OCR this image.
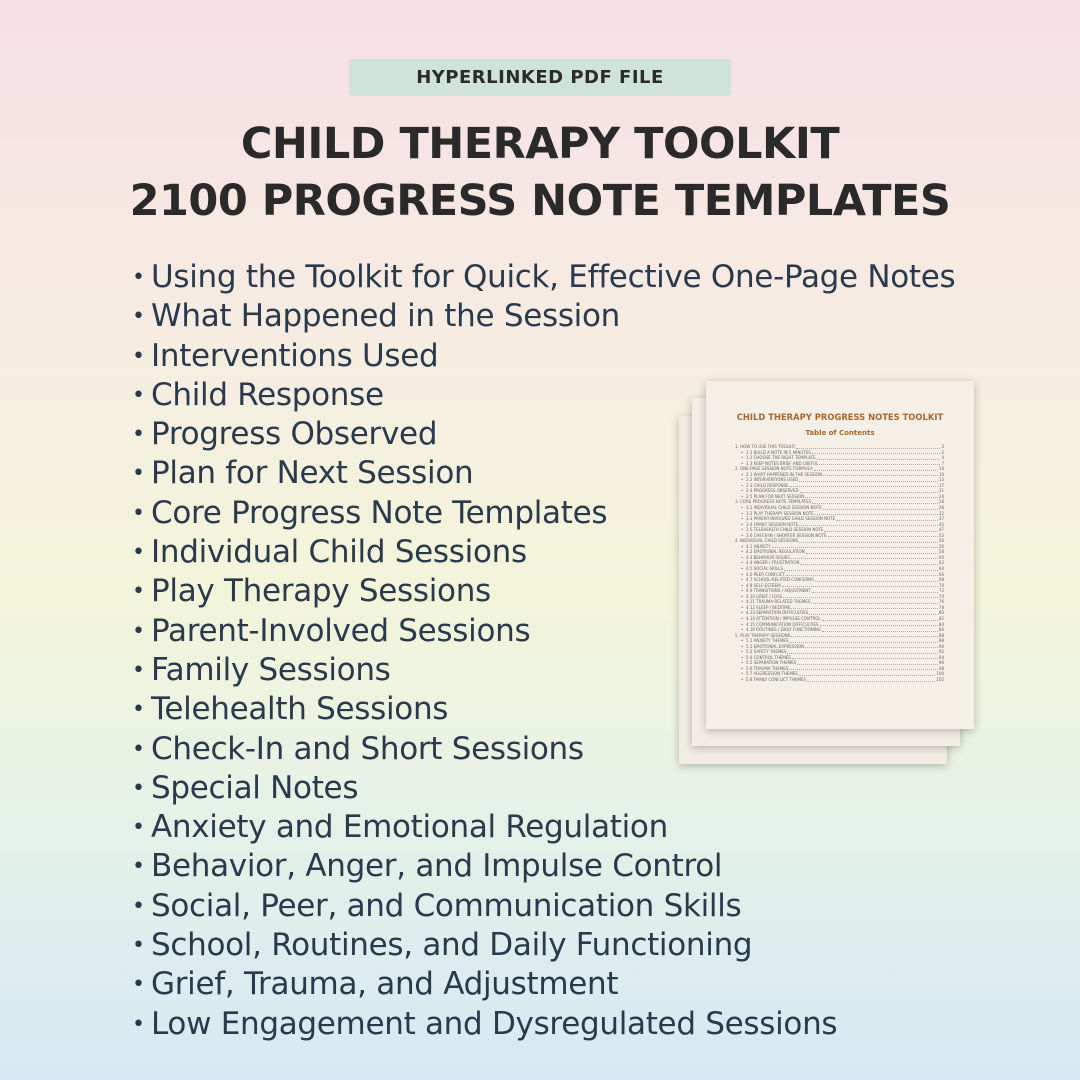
HYPERLINKED PDF FILE
CHILD THERAPY TOOLKIT
2100 PROGRESS NOTE TEMPLATES
• Using the Toolkit for Quick, Effective One-Page Notes
• What Happened in the Session
• Interventions Used
• Child Response
• Progress Observed
• Plan for Next Session
• Core Progress Note Templates
• Individual Child Sessions
• Play Therapy Sessions
• Parent-Involved Sessions
• Family Sessions
• Telehealth Sessions
• Check-In and Short Sessions
• Special Notes
• Anxiety and Emotional Regulation
• Behavior, Anger, and Impulse Control
• Social, Peer, and Communication Skills
• School, Routines, and Daily Functioning
• Grief, Trauma, and Adjustment
• Low Engagement and Dysregulated Sessions
CHILD THERAPY PROGRESS NOTES TOOLKIT
Table of Contents
1. HOW TO USE THIS TOOLKIT	2
• 1.1 BUILD A NOTE IN 5 MINUTES	2
• 1.2 CHOOSE THE RIGHT TEMPLATE	4
• 1.3 KEEP NOTES BRIEF AND USEFUL	7
2. ONE-PAGE SESSION NOTE FORMULA	10
• 2.1 WHAT HAPPENED IN THE SESSION	10
• 2.2 INTERVENTIONS USED	13
• 2.3 CHILD RESPONSE	17
• 2.4 PROGRESS OBSERVED	21
• 2.5 PLAN FOR NEXT SESSION	24
3. CORE PROGRESS NOTE TEMPLATES	28
• 3.1 INDIVIDUAL CHILD SESSION NOTE	28
• 3.2 PLAY THERAPY SESSION NOTE	32
• 3.3 PARENT-INVOLVED CHILD SESSION NOTE	37
• 3.4 FAMILY SESSION NOTE	42
• 3.5 TELEHEALTH CHILD SESSION NOTE	47
• 3.6 CHECK-IN / SHORTER SESSION NOTE	52
4. INDIVIDUAL CHILD SESSIONS	56
• 4.1 ANXIETY	56
• 4.2 EMOTIONAL REGULATION	58
• 4.3 BEHAVIOR ISSUES	60
• 4.4 ANGER / FRUSTRATION	62
• 4.5 SOCIAL SKILLS	64
• 4.6 PEER CONFLICT	66
• 4.7 SCHOOL-RELATED CONCERNS	68
• 4.8 SELF-ESTEEM	70
• 4.9 TRANSITIONS / ADJUSTMENT	72
• 4.10 GRIEF / LOSS	74
• 4.11 TRAUMA-RELATED THEMES	76
• 4.12 SLEEP / BEDTIME	78
• 4.13 SEPARATION DIFFICULTIES	80
• 4.14 ATTENTION / IMPULSE CONTROL	82
• 4.15 COMMUNICATION DIFFICULTIES	84
• 4.16 ROUTINES / DAILY FUNCTIONING	86
5. PLAY THERAPY SESSIONS	88
• 5.1 ANXIETY THEMES	88
• 5.2 EMOTIONAL EXPRESSION	90
• 5.3 SAFETY THEMES	92
• 5.4 CONTROL THEMES	94
• 5.5 SEPARATION THEMES	96
• 5.6 TRAUMA THEMES	98
• 5.7 AGGRESSION THEMES	100
• 5.8 FAMILY CONFLICT THEMES	102
